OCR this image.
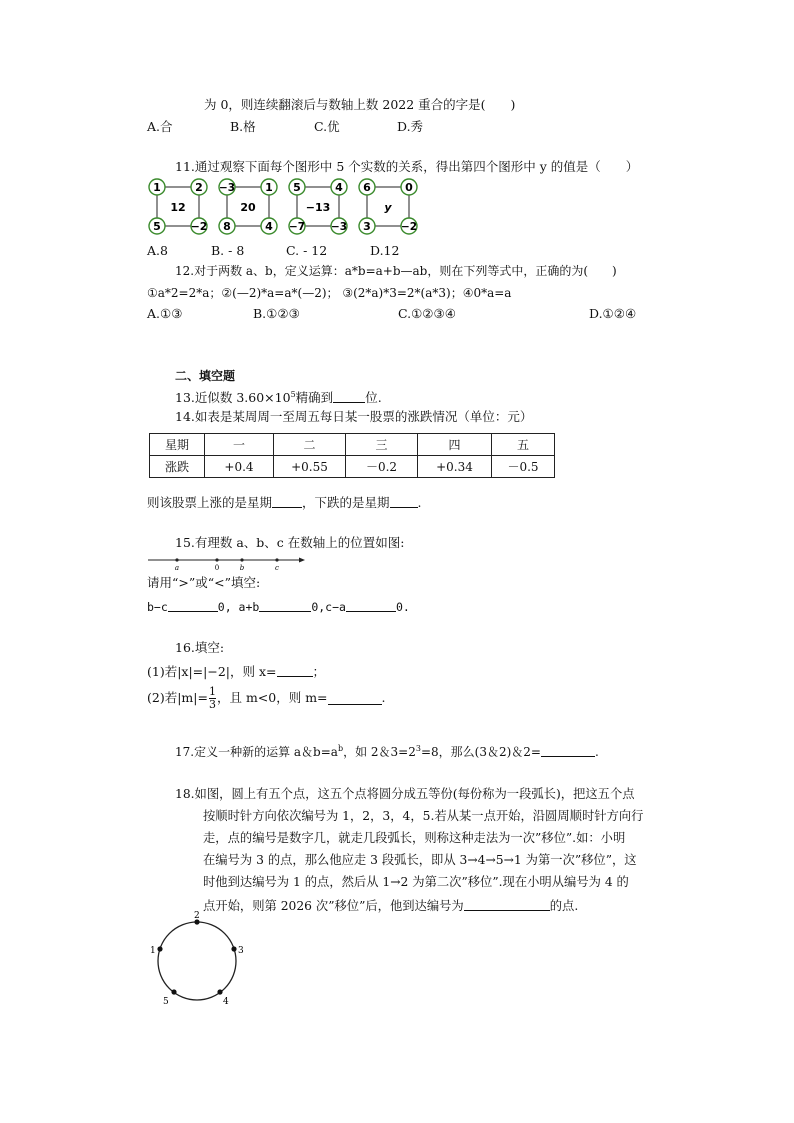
为 0，则连续翻滚后与数轴上数 2022 重合的字是(　　)
A.合	B.格	C.优	D.秀
11.通过观察下面每个图形中 5 个实数的关系，得出第四个图形中 y 的值是（　　）
1	2
12
5	−2
−3	1
20
8	4
5	4
−13
−7 −3
6	0
y
3	−2
A.8	B. - 8	C. - 12	D.12
12.对于两数 a、b，定义运算：a*b=a+b—ab，则在下列等式中，正确的为(　　)
①a*2=2*a；②(—2)*a=a*(—2)； ③(2*a)*3=2*(a*3)；④0*a=a
A.①③	B.①②③	C.①②③④	D.①②④
二、填空题
13.近似数 $3.60\times 10^5$精确到	位.
14.如表是某周周一至周五每日某一股票的涨跌情况（单位：元）
星期	一	二	三	四	五
涨跌	+0.4	+0.55	－0.2	+0.34	－0.5
则该股票上涨的是星期 ，下跌的是星期 .
15.有理数 a、b、c 在数轴上的位置如图:
a	0	b	c
请用“>”或“<”填空:
b−c	0, a+b	0,c−a	0.
16.填空:
(1)若|x|=|−2|，则 x=	；
(2)若$|m|= \frac{1}{3}$ ，且 m<0，则 m=	.
17.定义一种新的运算 a＆$b=a^b$，如 2＆$3=2^3=8$，那么(3＆2)＆2=	.
18.如图，圆上有五个点，这五个点将圆分成五等份(每份称为一段弧长)，把这五个点
按顺时针方向依次编号为 1，2，3，4，5.若从某一点开始，沿圆周顺时针方向行
走，点的编号是数字几，就走几段弧长，则称这种走法为一次”移位”.如：小明
在编号为 3 的点，那么他应走 3 段弧长，即从 3→4→5→1 为第一次”移位”，这
时他到达编号为 1 的点，然后从 1→2 为第二次”移位”.现在小明从编号为 4 的
点开始，则第 2026 次”移位”后，他到达编号为	的点.
1
2
3
4
5
